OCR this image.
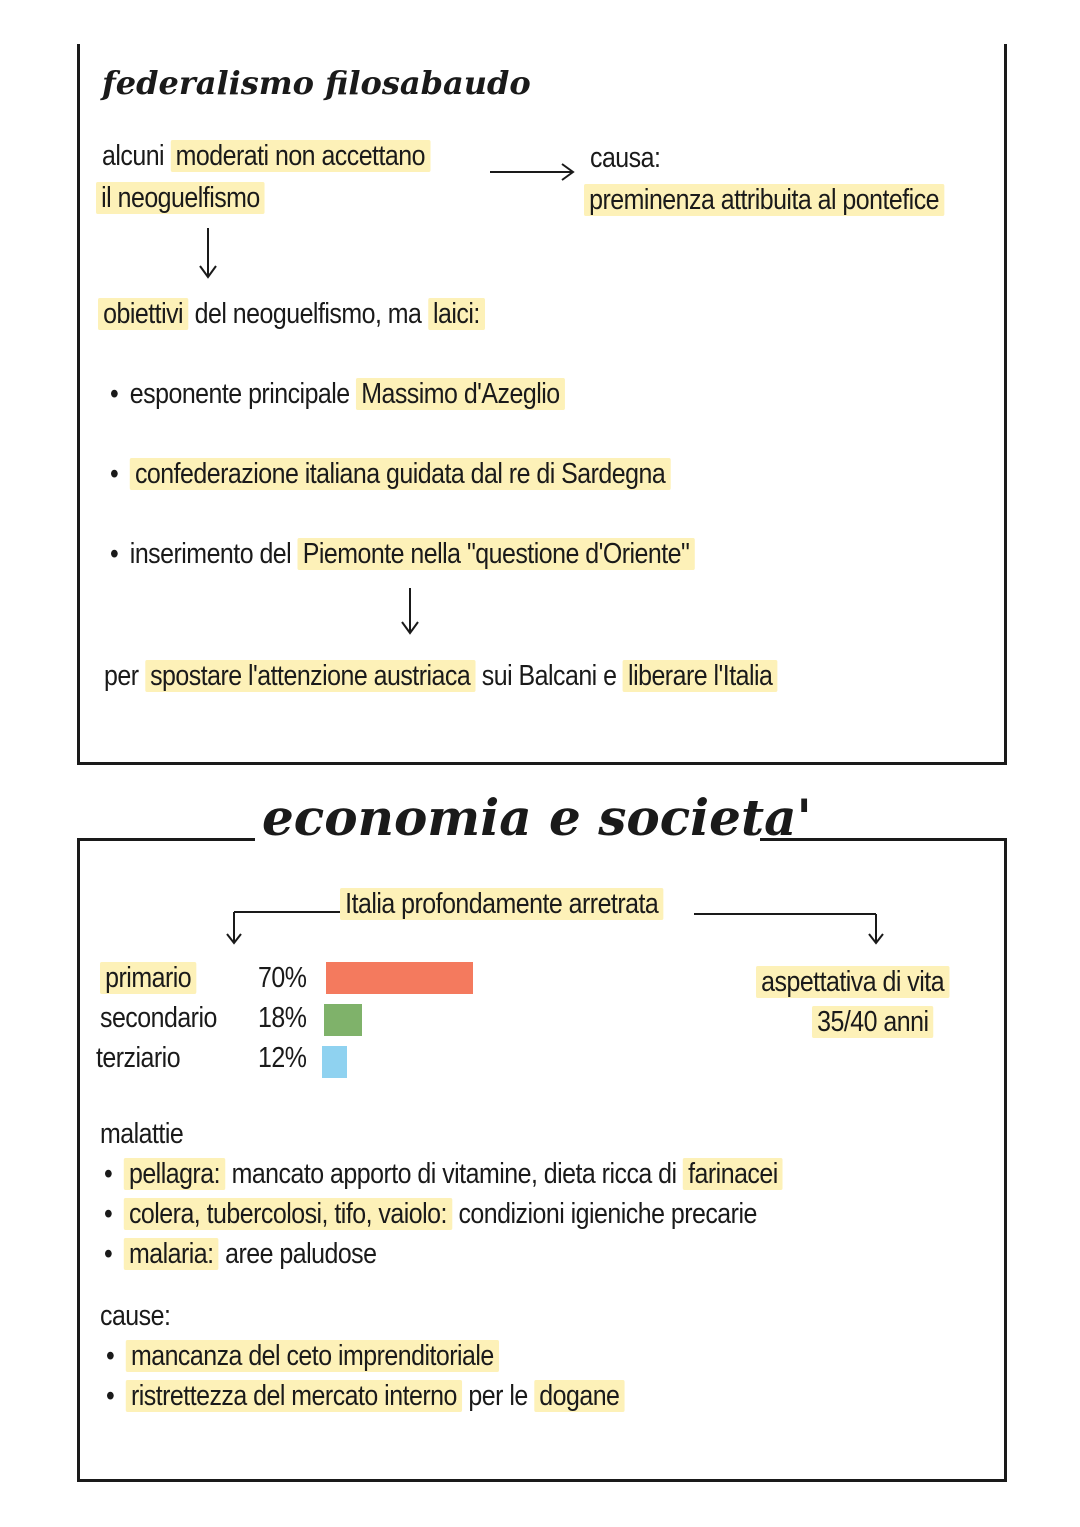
federalismo filosabaudo
alcuni moderati non accettano
il neoguelfismo
causa:
preminenza attribuita al pontefice
obiettivi del neoguelfismo, ma laici:
• esponente principale Massimo d'Azeglio
• confederazione italiana guidata dal re di Sardegna
• inserimento del Piemonte nella "questione d'Oriente"
per spostare l'attenzione austriaca sui Balcani e liberare l'Italia
economia e societa'
Italia profondamente arretrata
primario
secondario
terziario
70%
18%
12%
aspettativa di vita
35/40 anni
malattie
• pellagra: mancato apporto di vitamine, dieta ricca di farinacei
• colera, tubercolosi, tifo, vaiolo: condizioni igieniche precarie
• malaria: aree paludose
cause:
• mancanza del ceto imprenditoriale
• ristrettezza del mercato interno per le dogane
